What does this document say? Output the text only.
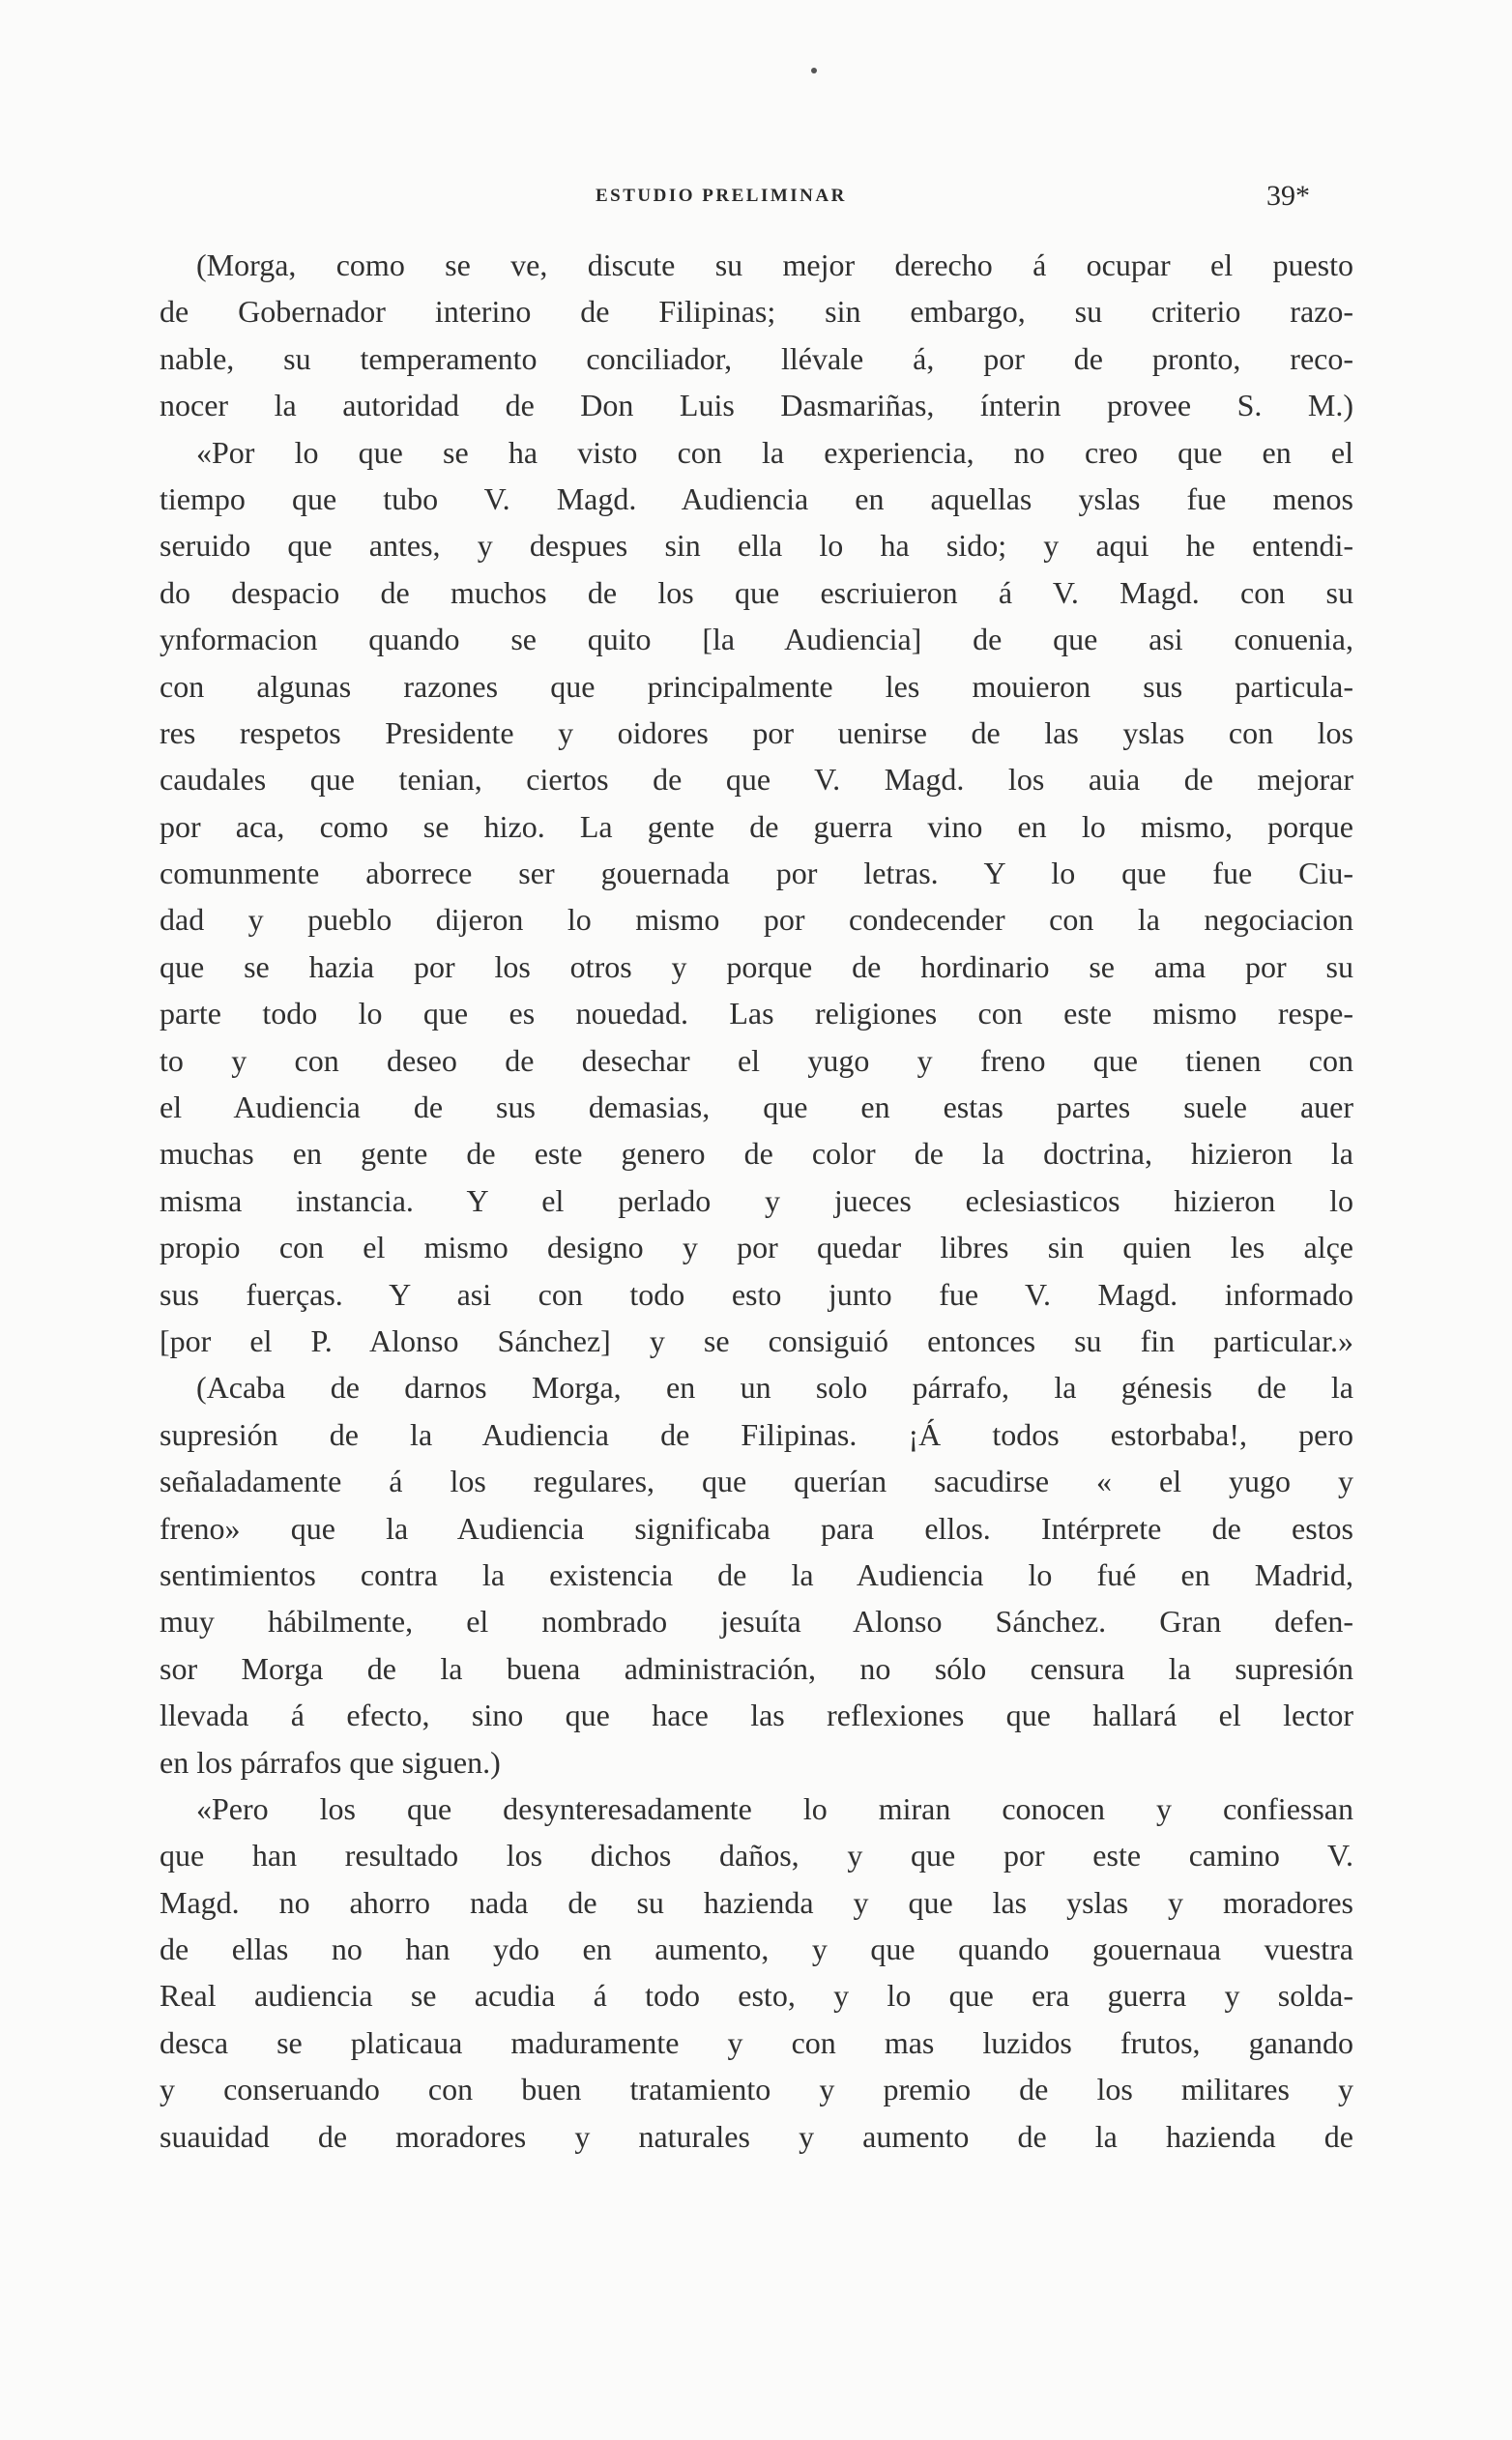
ESTUDIO PRELIMINAR	39*
(Morga, como se ve, discute su mejor derecho á ocupar el puesto
de Gobernador interino de Filipinas; sin embargo, su criterio razo-
nable, su temperamento conciliador, llévale á, por de pronto, reco-
nocer la autoridad de Don Luis Dasmariñas, ínterin provee S. M.)
«Por lo que se ha visto con la experiencia, no creo que en el
tiempo que tubo V. Magd. Audiencia en aquellas yslas fue menos
seruido que antes, y despues sin ella lo ha sido; y aqui he entendi-
do despacio de muchos de los que escriuieron á V. Magd. con su
ynformacion quando se quito [la Audiencia] de que asi conuenia,
con algunas razones que principalmente les mouieron sus particula-
res respetos Presidente y oidores por uenirse de las yslas con los
caudales que tenian, ciertos de que V. Magd. los auia de mejorar
por aca, como se hizo. La gente de guerra vino en lo mismo, porque
comunmente aborrece ser gouernada por letras. Y lo que fue Ciu-
dad y pueblo dijeron lo mismo por condecender con la negociacion
que se hazia por los otros y porque de hordinario se ama por su
parte todo lo que es nouedad. Las religiones con este mismo respe-
to y con deseo de desechar el yugo y freno que tienen con
el Audiencia de sus demasias, que en estas partes suele auer
muchas en gente de este genero de color de la doctrina, hizieron la
misma instancia. Y el perlado y jueces eclesiasticos hizieron lo
propio con el mismo designo y por quedar libres sin quien les alçe
sus fuerças. Y asi con todo esto junto fue V. Magd. informado
[por el P. Alonso Sánchez] y se consiguió entonces su fin particular.»
(Acaba de darnos Morga, en un solo párrafo, la génesis de la
supresión de la Audiencia de Filipinas. ¡Á todos estorbaba!, pero
señaladamente á los regulares, que querían sacudirse « el yugo y
freno» que la Audiencia significaba para ellos. Intérprete de estos
sentimientos contra la existencia de la Audiencia lo fué en Madrid,
muy hábilmente, el nombrado jesuíta Alonso Sánchez. Gran defen-
sor Morga de la buena administración, no sólo censura la supresión
llevada á efecto, sino que hace las reflexiones que hallará el lector
en los párrafos que siguen.)
«Pero los que desynteresadamente lo miran conocen y confiessan
que han resultado los dichos daños, y que por este camino V.
Magd. no ahorro nada de su hazienda y que las yslas y moradores
de ellas no han ydo en aumento, y que quando gouernaua vuestra
Real audiencia se acudia á todo esto, y lo que era guerra y solda-
desca se platicaua maduramente y con mas luzidos frutos, ganando
y conseruando con buen tratamiento y premio de los militares y
suauidad de moradores y naturales y aumento de la hazienda de
